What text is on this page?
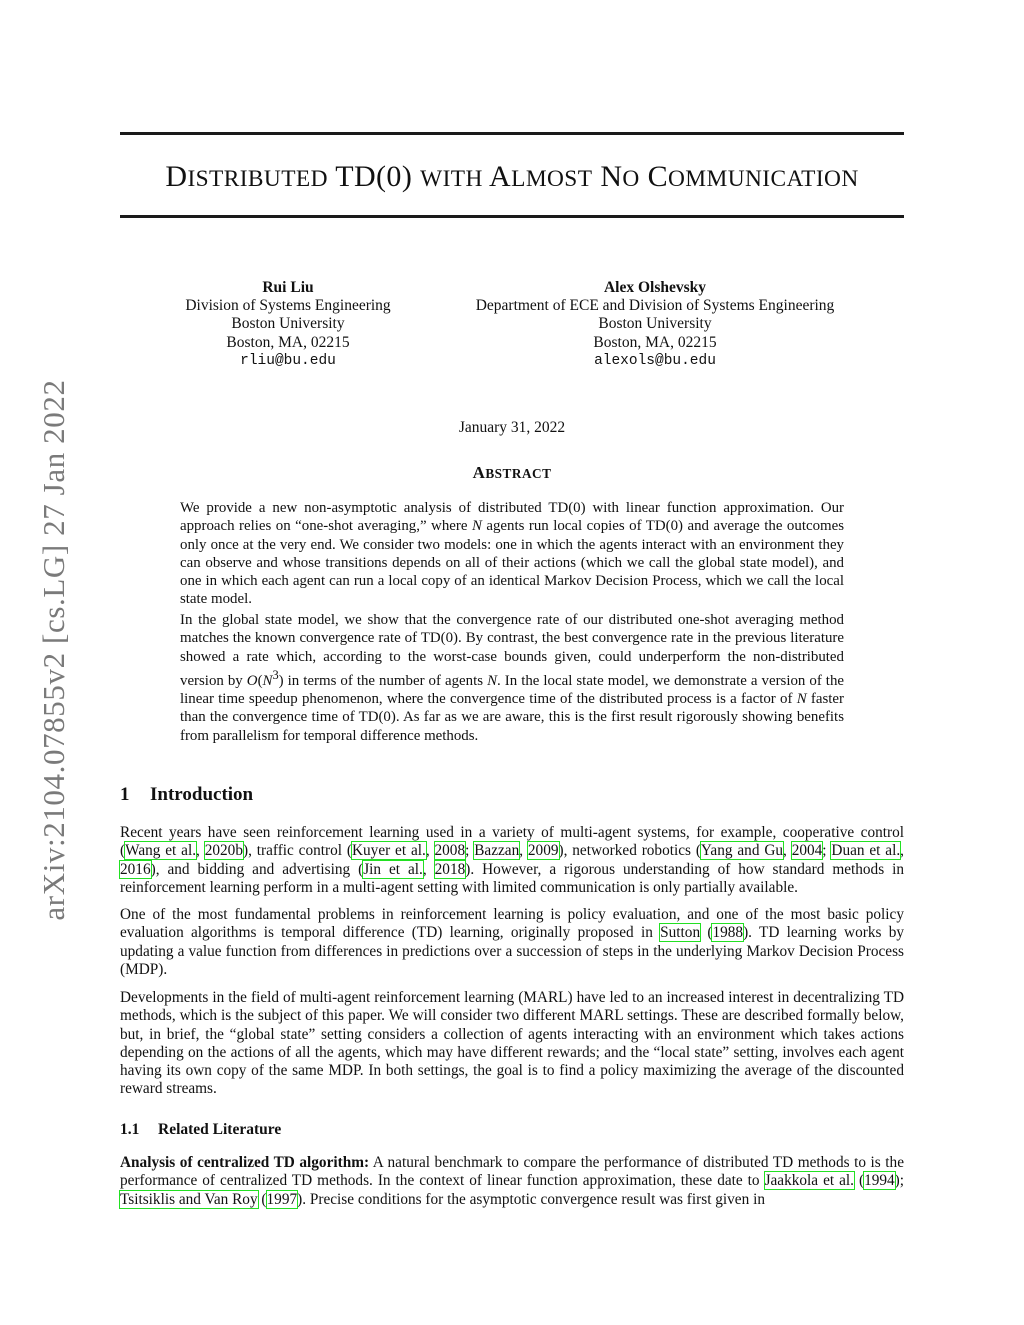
arXiv:2104.07855v2 [cs.LG] 27 Jan 2022
DISTRIBUTED TD(0) WITH ALMOST NO COMMUNICATION
Rui Liu
Division of Systems Engineering
Boston University
Boston, MA, 02215
rliu@bu.edu
Alex Olshevsky
Department of ECE and Division of Systems Engineering
Boston University
Boston, MA, 02215
alexols@bu.edu
January 31, 2022
ABSTRACT

We provide a new non-asymptotic analysis of distributed TD(0) with linear function approximation. Our approach relies on “one-shot averaging,” where N agents run local copies of TD(0) and average the outcomes only once at the very end. We consider two models: one in which the agents interact with an environment they can observe and whose transitions depends on all of their actions (which we call the global state model), and one in which each agent can run a local copy of an identical Markov Decision Process, which we call the local state model.

In the global state model, we show that the convergence rate of our distributed one-shot averaging method matches the known convergence rate of TD(0). By contrast, the best convergence rate in the previous literature showed a rate which, according to the worst-case bounds given, could underperform the non-distributed version by $O(N^3)$ in terms of the number of agents N. In the local state model, we demonstrate a version of the linear time speedup phenomenon, where the convergence time of the distributed process is a factor of N faster than the convergence time of TD(0). As far as we are aware, this is the first result rigorously showing benefits from parallelism for temporal difference methods.

1 Introduction

Recent years have seen reinforcement learning used in a variety of multi-agent systems, for example, cooperative control (Wang et al., 2020b), traffic control (Kuyer et al., 2008; Bazzan, 2009), networked robotics (Yang and Gu, 2004; Duan et al., 2016), and bidding and advertising (Jin et al., 2018). However, a rigorous understanding of how standard methods in reinforcement learning perform in a multi-agent setting with limited communication is only partially available.

One of the most fundamental problems in reinforcement learning is policy evaluation, and one of the most basic policy evaluation algorithms is temporal difference (TD) learning, originally proposed in Sutton (1988). TD learning works by updating a value function from differences in predictions over a succession of steps in the underlying Markov Decision Process (MDP).

Developments in the field of multi-agent reinforcement learning (MARL) have led to an increased interest in decentralizing TD methods, which is the subject of this paper. We will consider two different MARL settings. These are described formally below, but, in brief, the “global state” setting considers a collection of agents interacting with an environment which takes actions depending on the actions of all the agents, which may have different rewards; and the “local state” setting, involves each agent having its own copy of the same MDP. In both settings, the goal is to find a policy maximizing the average of the discounted reward streams.

1.1 Related Literature

Analysis of centralized TD algorithm: A natural benchmark to compare the performance of distributed TD methods to is the performance of centralized TD methods. In the context of linear function approximation, these date to Jaakkola et al. (1994); Tsitsiklis and Van Roy (1997). Precise conditions for the asymptotic convergence result was first given in
